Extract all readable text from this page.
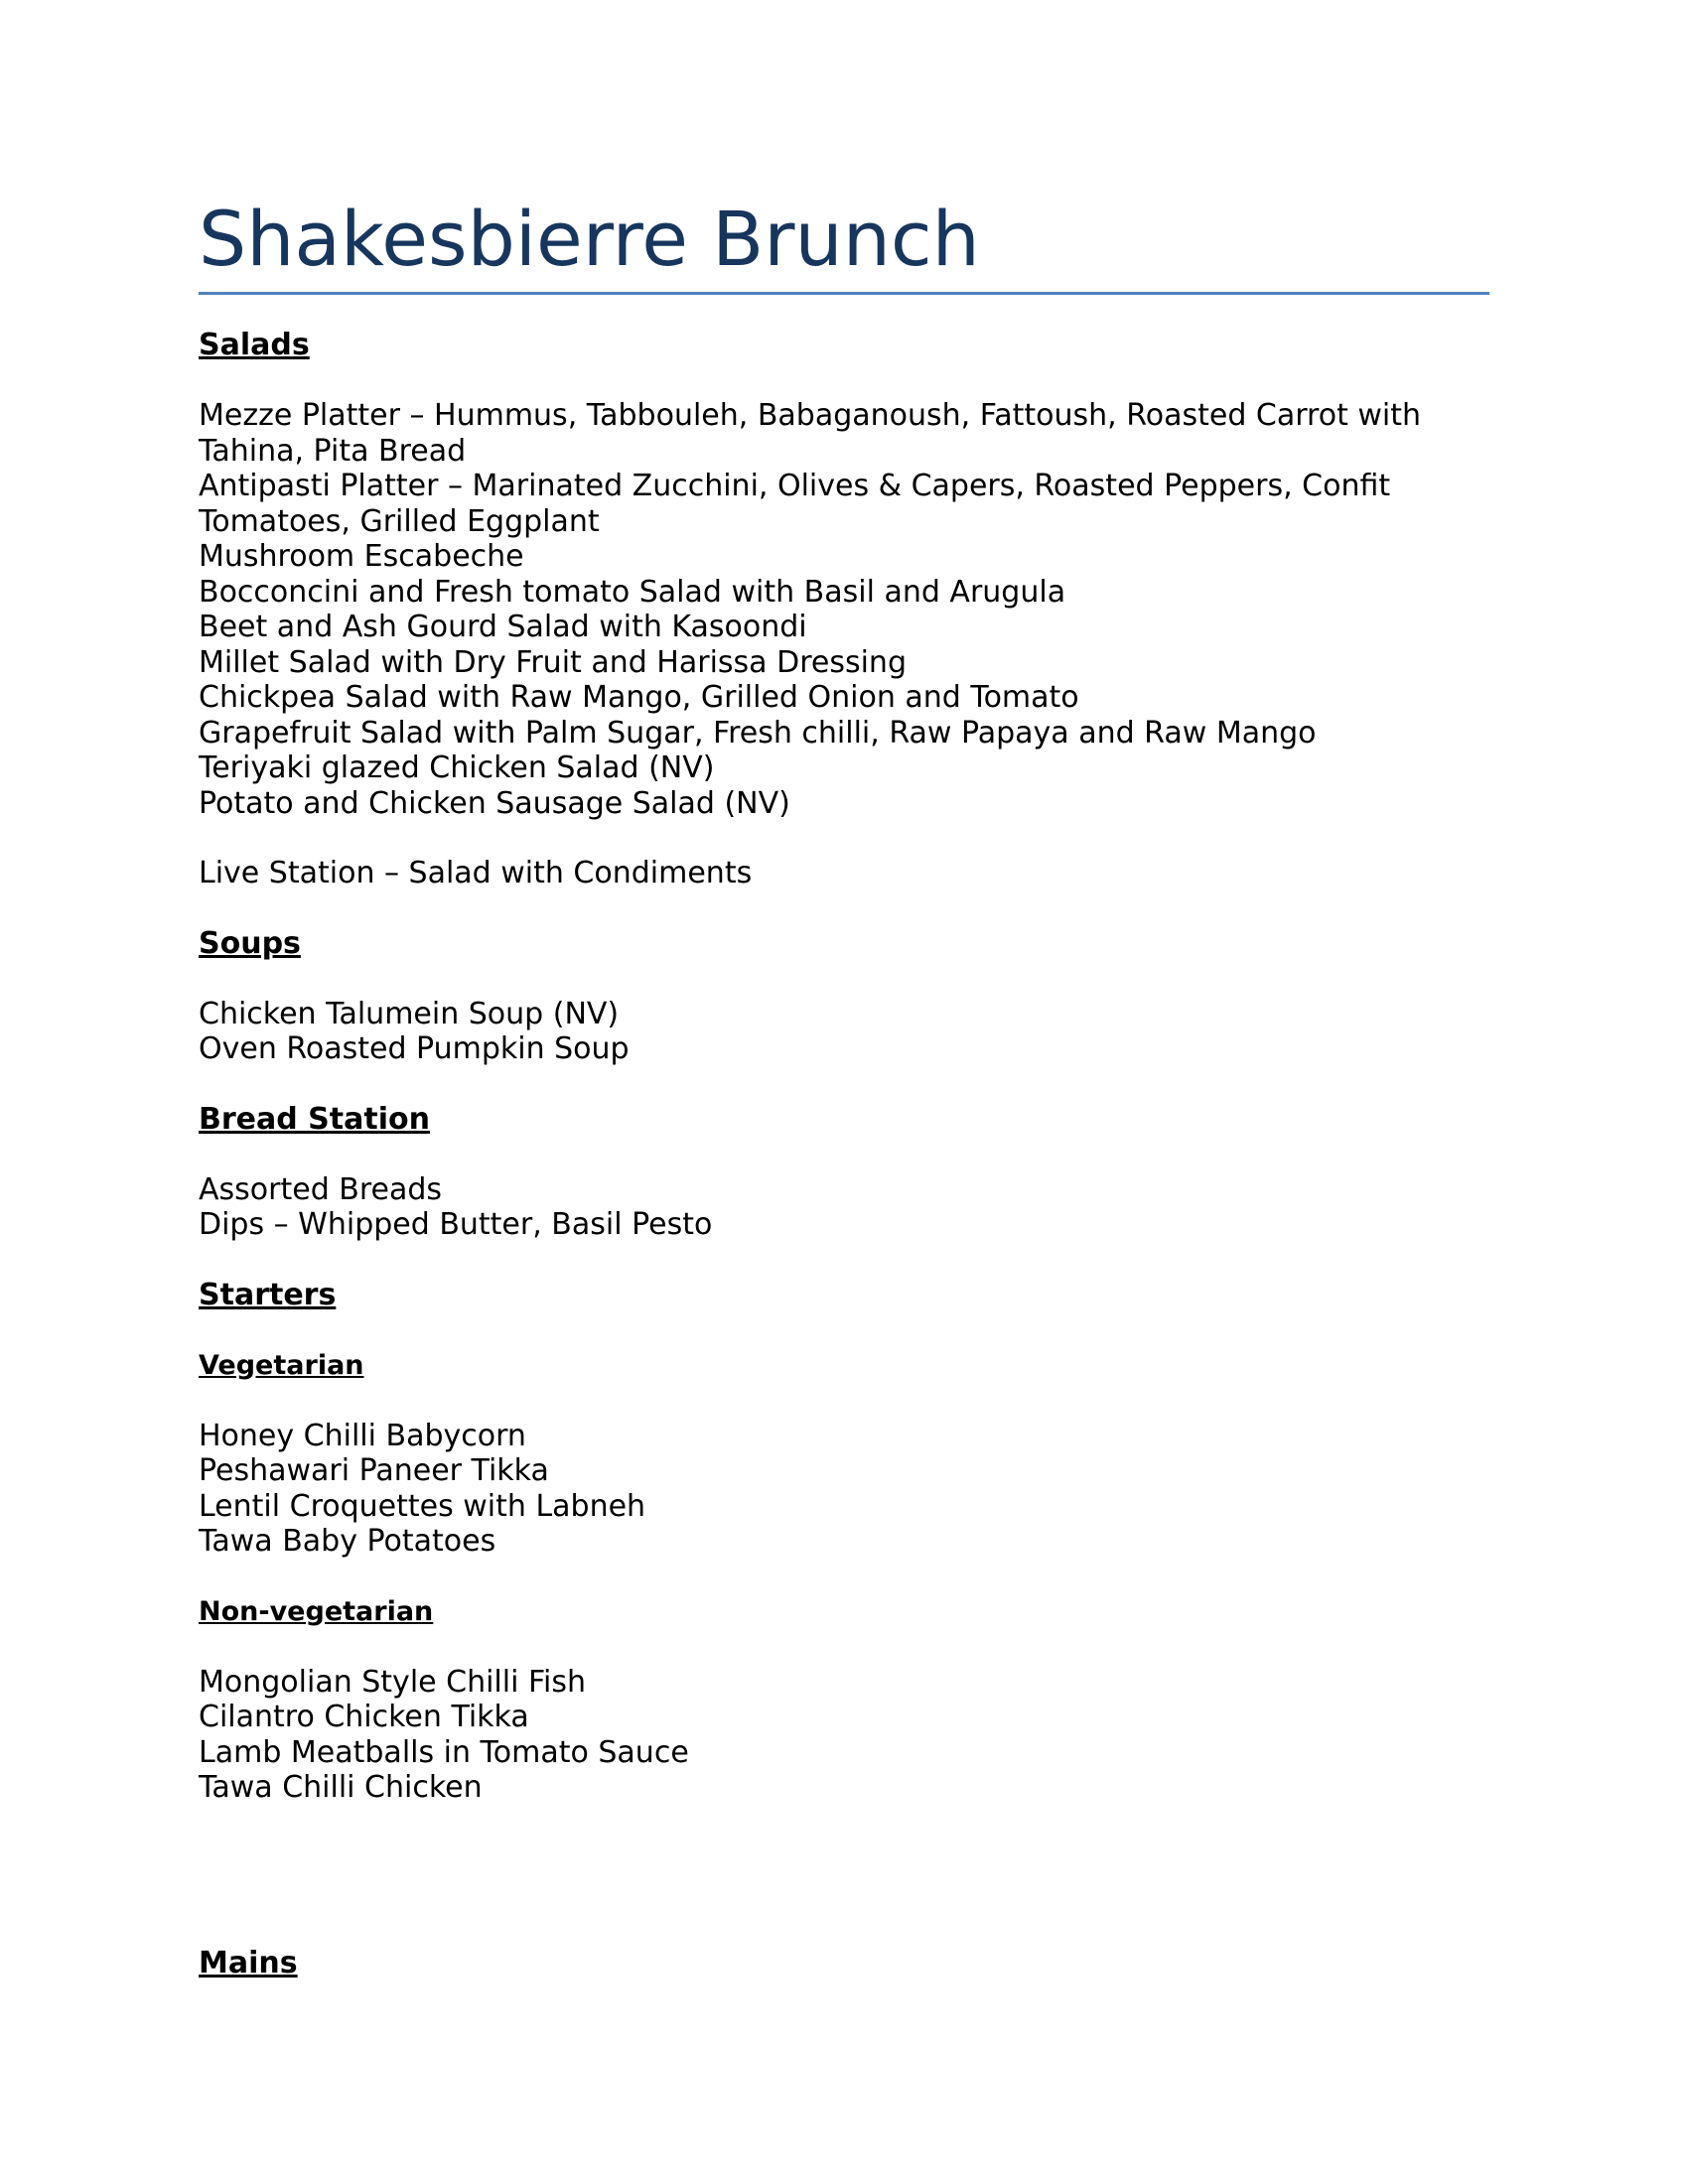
Shakesbierre Brunch
Salads

Mezze Platter – Hummus, Tabbouleh, Babaganoush, Fattoush, Roasted Carrot with

Tahina, Pita Bread

Antipasti Platter – Marinated Zucchini, Olives & Capers, Roasted Peppers, Confit

Tomatoes, Grilled Eggplant

Mushroom Escabeche

Bocconcini and Fresh tomato Salad with Basil and Arugula

Beet and Ash Gourd Salad with Kasoondi

Millet Salad with Dry Fruit and Harissa Dressing

Chickpea Salad with Raw Mango, Grilled Onion and Tomato

Grapefruit Salad with Palm Sugar, Fresh chilli, Raw Papaya and Raw Mango

Teriyaki glazed Chicken Salad (NV)

Potato and Chicken Sausage Salad (NV)

Live Station – Salad with Condiments

Soups

Chicken Talumein Soup (NV)

Oven Roasted Pumpkin Soup

Bread Station

Assorted Breads

Dips – Whipped Butter, Basil Pesto

Starters
Vegetarian

Honey Chilli Babycorn

Peshawari Paneer Tikka

Lentil Croquettes with Labneh

Tawa Baby Potatoes

Non-vegetarian

Mongolian Style Chilli Fish

Cilantro Chicken Tikka

Lamb Meatballs in Tomato Sauce

Tawa Chilli Chicken

Mains
